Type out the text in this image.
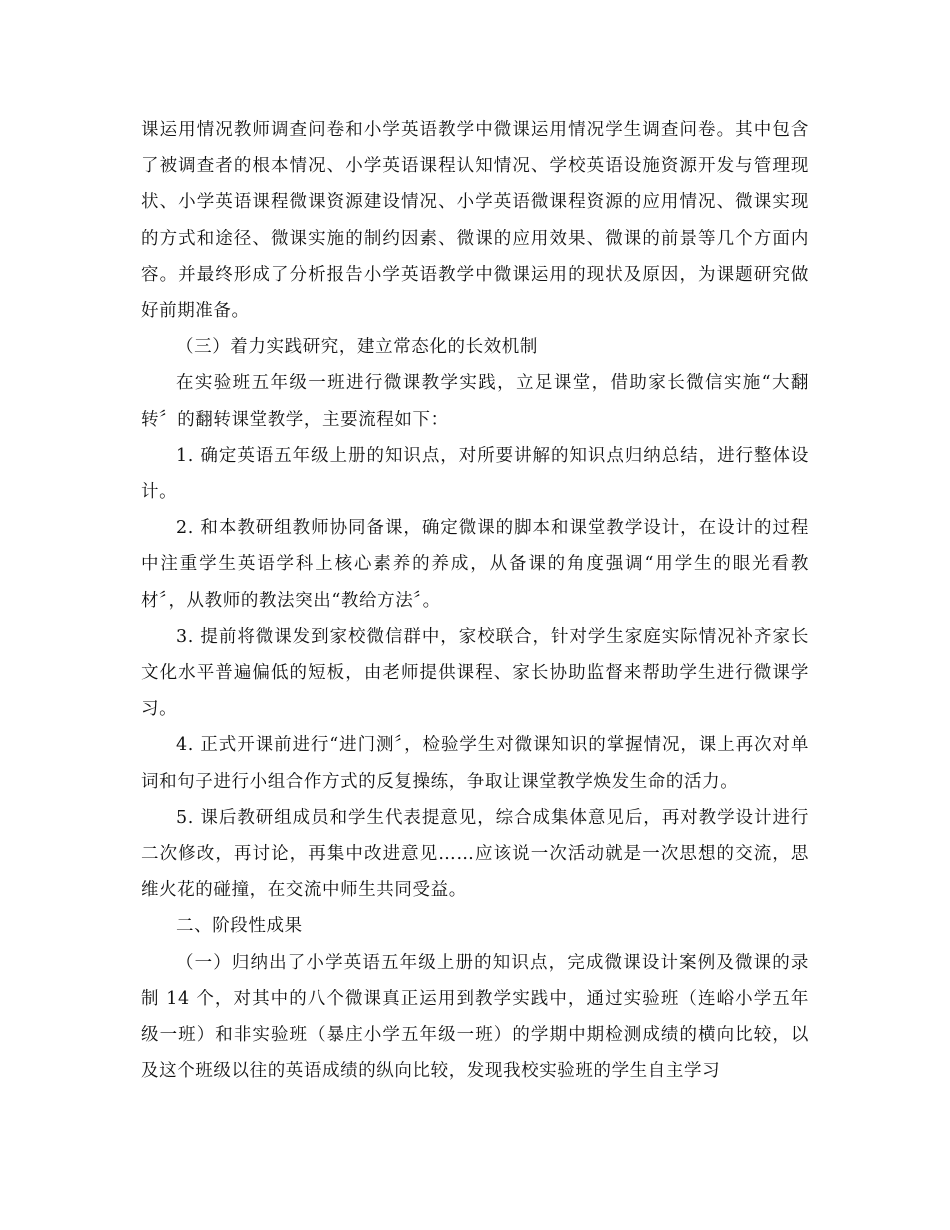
课运用情况教师调查问卷和小学英语教学中微课运用情况学生调查问卷。其中包含了被调查者的根本情况、小学英语课程认知情况、学校英语设施资源开发与管理现状、小学英语课程微课资源建设情况、小学英语微课程资源的应用情况、微课实现的方式和途径、微课实施的制约因素、微课的应用效果、微课的前景等几个方面内容。并最终形成了分析报告小学英语教学中微课运用的现状及原因，为课题研究做好前期准备。

（三）着力实践研究，建立常态化的长效机制

在实验班五年级一班进行微课教学实践，立足课堂，借助家长微信实施“大翻转〞的翻转课堂教学，主要流程如下：

1. 确定英语五年级上册的知识点，对所要讲解的知识点归纳总结，进行整体设计。

2. 和本教研组教师协同备课，确定微课的脚本和课堂教学设计，在设计的过程中注重学生英语学科上核心素养的养成，从备课的角度强调“用学生的眼光看教材〞，从教师的教法突出“教给方法〞。

3. 提前将微课发到家校微信群中，家校联合，针对学生家庭实际情况补齐家长文化水平普遍偏低的短板，由老师提供课程、家长协助监督来帮助学生进行微课学习。

4. 正式开课前进行“进门测〞，检验学生对微课知识的掌握情况，课上再次对单词和句子进行小组合作方式的反复操练，争取让课堂教学焕发生命的活力。

5. 课后教研组成员和学生代表提意见，综合成集体意见后，再对教学设计进行二次修改，再讨论，再集中改进意见……应该说一次活动就是一次思想的交流，思维火花的碰撞，在交流中师生共同受益。

二、阶段性成果

（一）归纳出了小学英语五年级上册的知识点，完成微课设计案例及微课的录制 14 个，对其中的八个微课真正运用到教学实践中，通过实验班（连峪小学五年级一班）和非实验班（暴庄小学五年级一班）的学期中期检测成绩的横向比较，以及这个班级以往的英语成绩的纵向比较，发现我校实验班的学生自主学习
